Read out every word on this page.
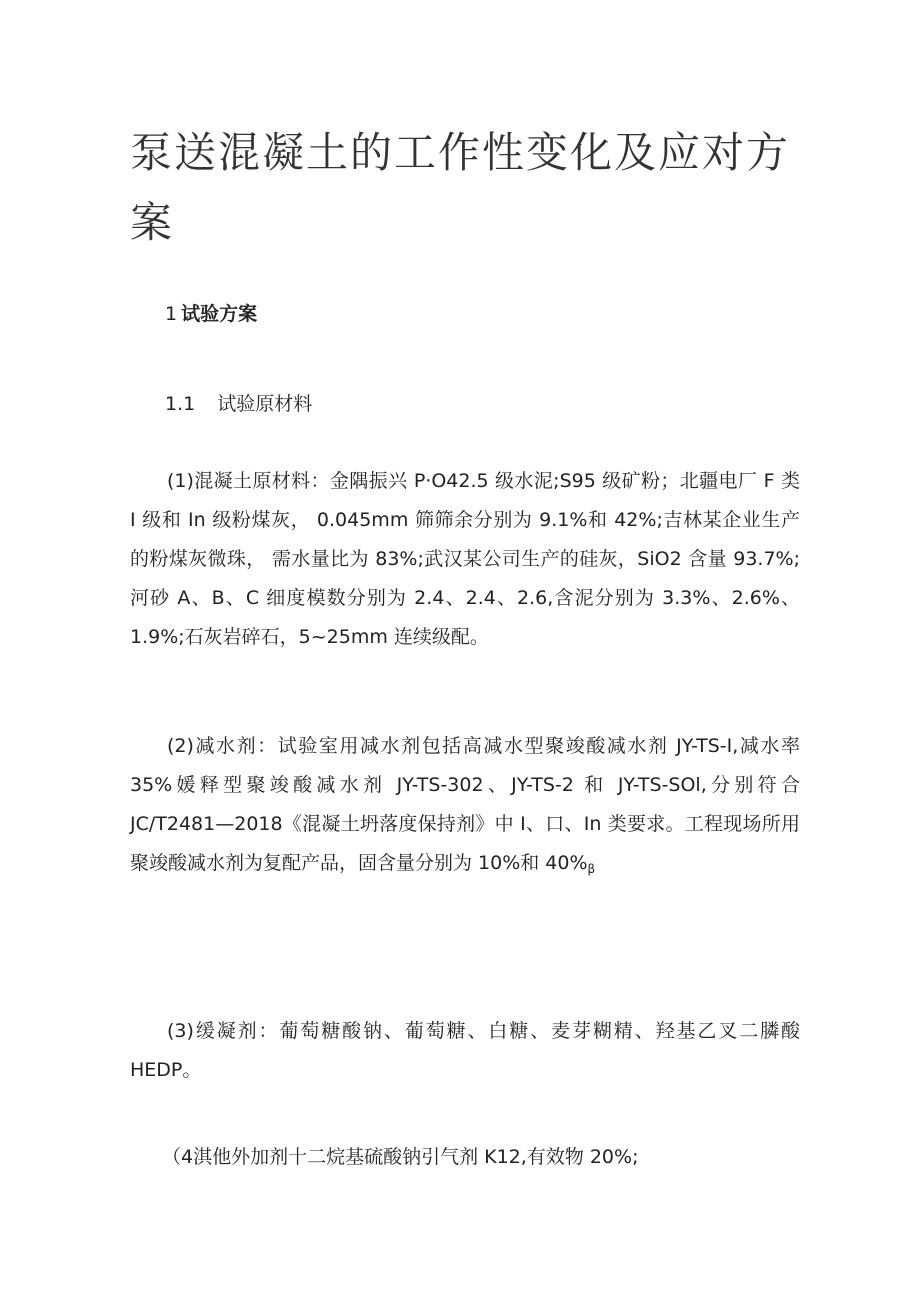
泵送混凝土的工作性变化及应对方案
1 试验方案
1.1 试验原材料

(1)混凝土原材料：金隅振兴 P·O42.5 级水泥;S95 级矿粉；北疆电厂 F 类 I 级和 In 级粉煤灰， 0.045mm 筛筛余分别为 9.1%和 42%;吉林某企业生产的粉煤灰微珠， 需水量比为 83%;武汉某公司生产的硅灰，SiO2 含量 93.7%;河砂 A、B、C 细度模数分别为 2.4、2.4、2.6,含泥分别为 3.3%、2.6%、1.9%;石灰岩碎石，5~25mm 连续级配。

(2)减水剂：试验室用减水剂包括高减水型聚竣酸减水剂 JY-TS-I,减水率 35%媛释型聚竣酸减水剂 JY-TS-302、JY-TS-2 和 JY-TS-SOl,分别符合 JC/T2481—2018《混凝土坍落度保持剂》中 I、口、In 类要求。工程现场所用聚竣酸减水剂为复配产品，固含量分别为 10%和 $40\%_\beta$

(3)缓凝剂：葡萄糖酸钠、葡萄糖、白糖、麦芽糊精、羟基乙叉二膦酸 HEDP。

（4淇他外加剂十二烷基硫酸钠引气剂 K12,有效物 20%;
